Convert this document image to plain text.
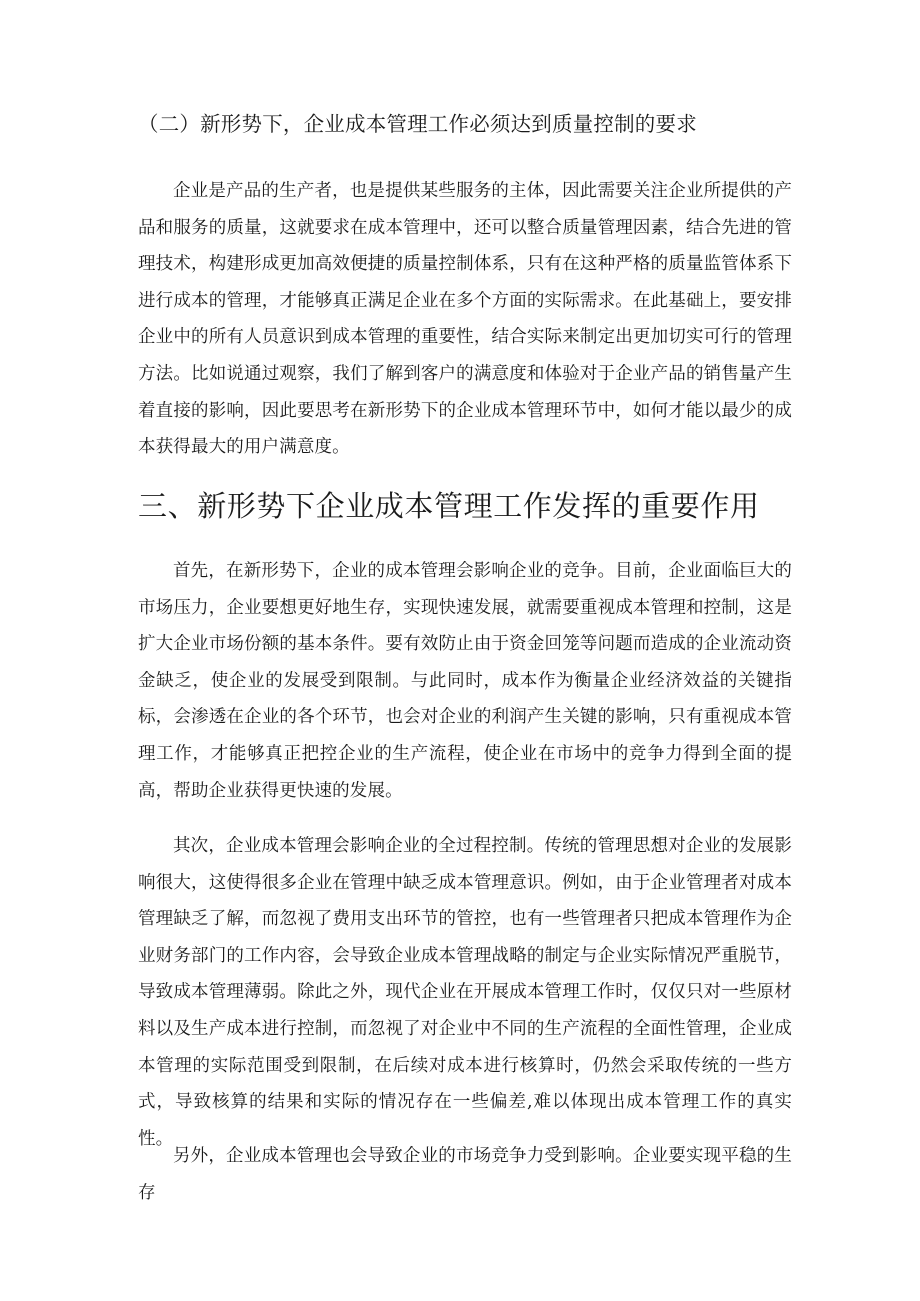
（二）新形势下，企业成本管理工作必须达到质量控制的要求

企业是产品的生产者，也是提供某些服务的主体，因此需要关注企业所提供的产品和服务的质量，这就要求在成本管理中，还可以整合质量管理因素，结合先进的管理技术，构建形成更加高效便捷的质量控制体系，只有在这种严格的质量监管体系下进行成本的管理，才能够真正满足企业在多个方面的实际需求。在此基础上，要安排企业中的所有人员意识到成本管理的重要性，结合实际来制定出更加切实可行的管理方法。比如说通过观察，我们了解到客户的满意度和体验对于企业产品的销售量产生着直接的影响，因此要思考在新形势下的企业成本管理环节中，如何才能以最少的成本获得最大的用户满意度。

三、新形势下企业成本管理工作发挥的重要作用

首先，在新形势下，企业的成本管理会影响企业的竞争。目前，企业面临巨大的市场压力，企业要想更好地生存，实现快速发展，就需要重视成本管理和控制，这是扩大企业市场份额的基本条件。要有效防止由于资金回笼等问题而造成的企业流动资金缺乏，使企业的发展受到限制。与此同时，成本作为衡量企业经济效益的关键指标，会渗透在企业的各个环节，也会对企业的利润产生关键的影响，只有重视成本管理工作，才能够真正把控企业的生产流程，使企业在市场中的竞争力得到全面的提高，帮助企业获得更快速的发展。

其次，企业成本管理会影响企业的全过程控制。传统的管理思想对企业的发展影响很大，这使得很多企业在管理中缺乏成本管理意识。例如，由于企业管理者对成本管理缺乏了解，而忽视了费用支出环节的管控，也有一些管理者只把成本管理作为企业财务部门的工作内容，会导致企业成本管理战略的制定与企业实际情况严重脱节，导致成本管理薄弱。除此之外，现代企业在开展成本管理工作时，仅仅只对一些原材料以及生产成本进行控制，而忽视了对企业中不同的生产流程的全面性管理，企业成本管理的实际范围受到限制，在后续对成本进行核算时，仍然会采取传统的一些方式，导致核算的结果和实际的情况存在一些偏差,难以体现出成本管理工作的真实性。

另外，企业成本管理也会导致企业的市场竞争力受到影响。企业要实现平稳的生存
